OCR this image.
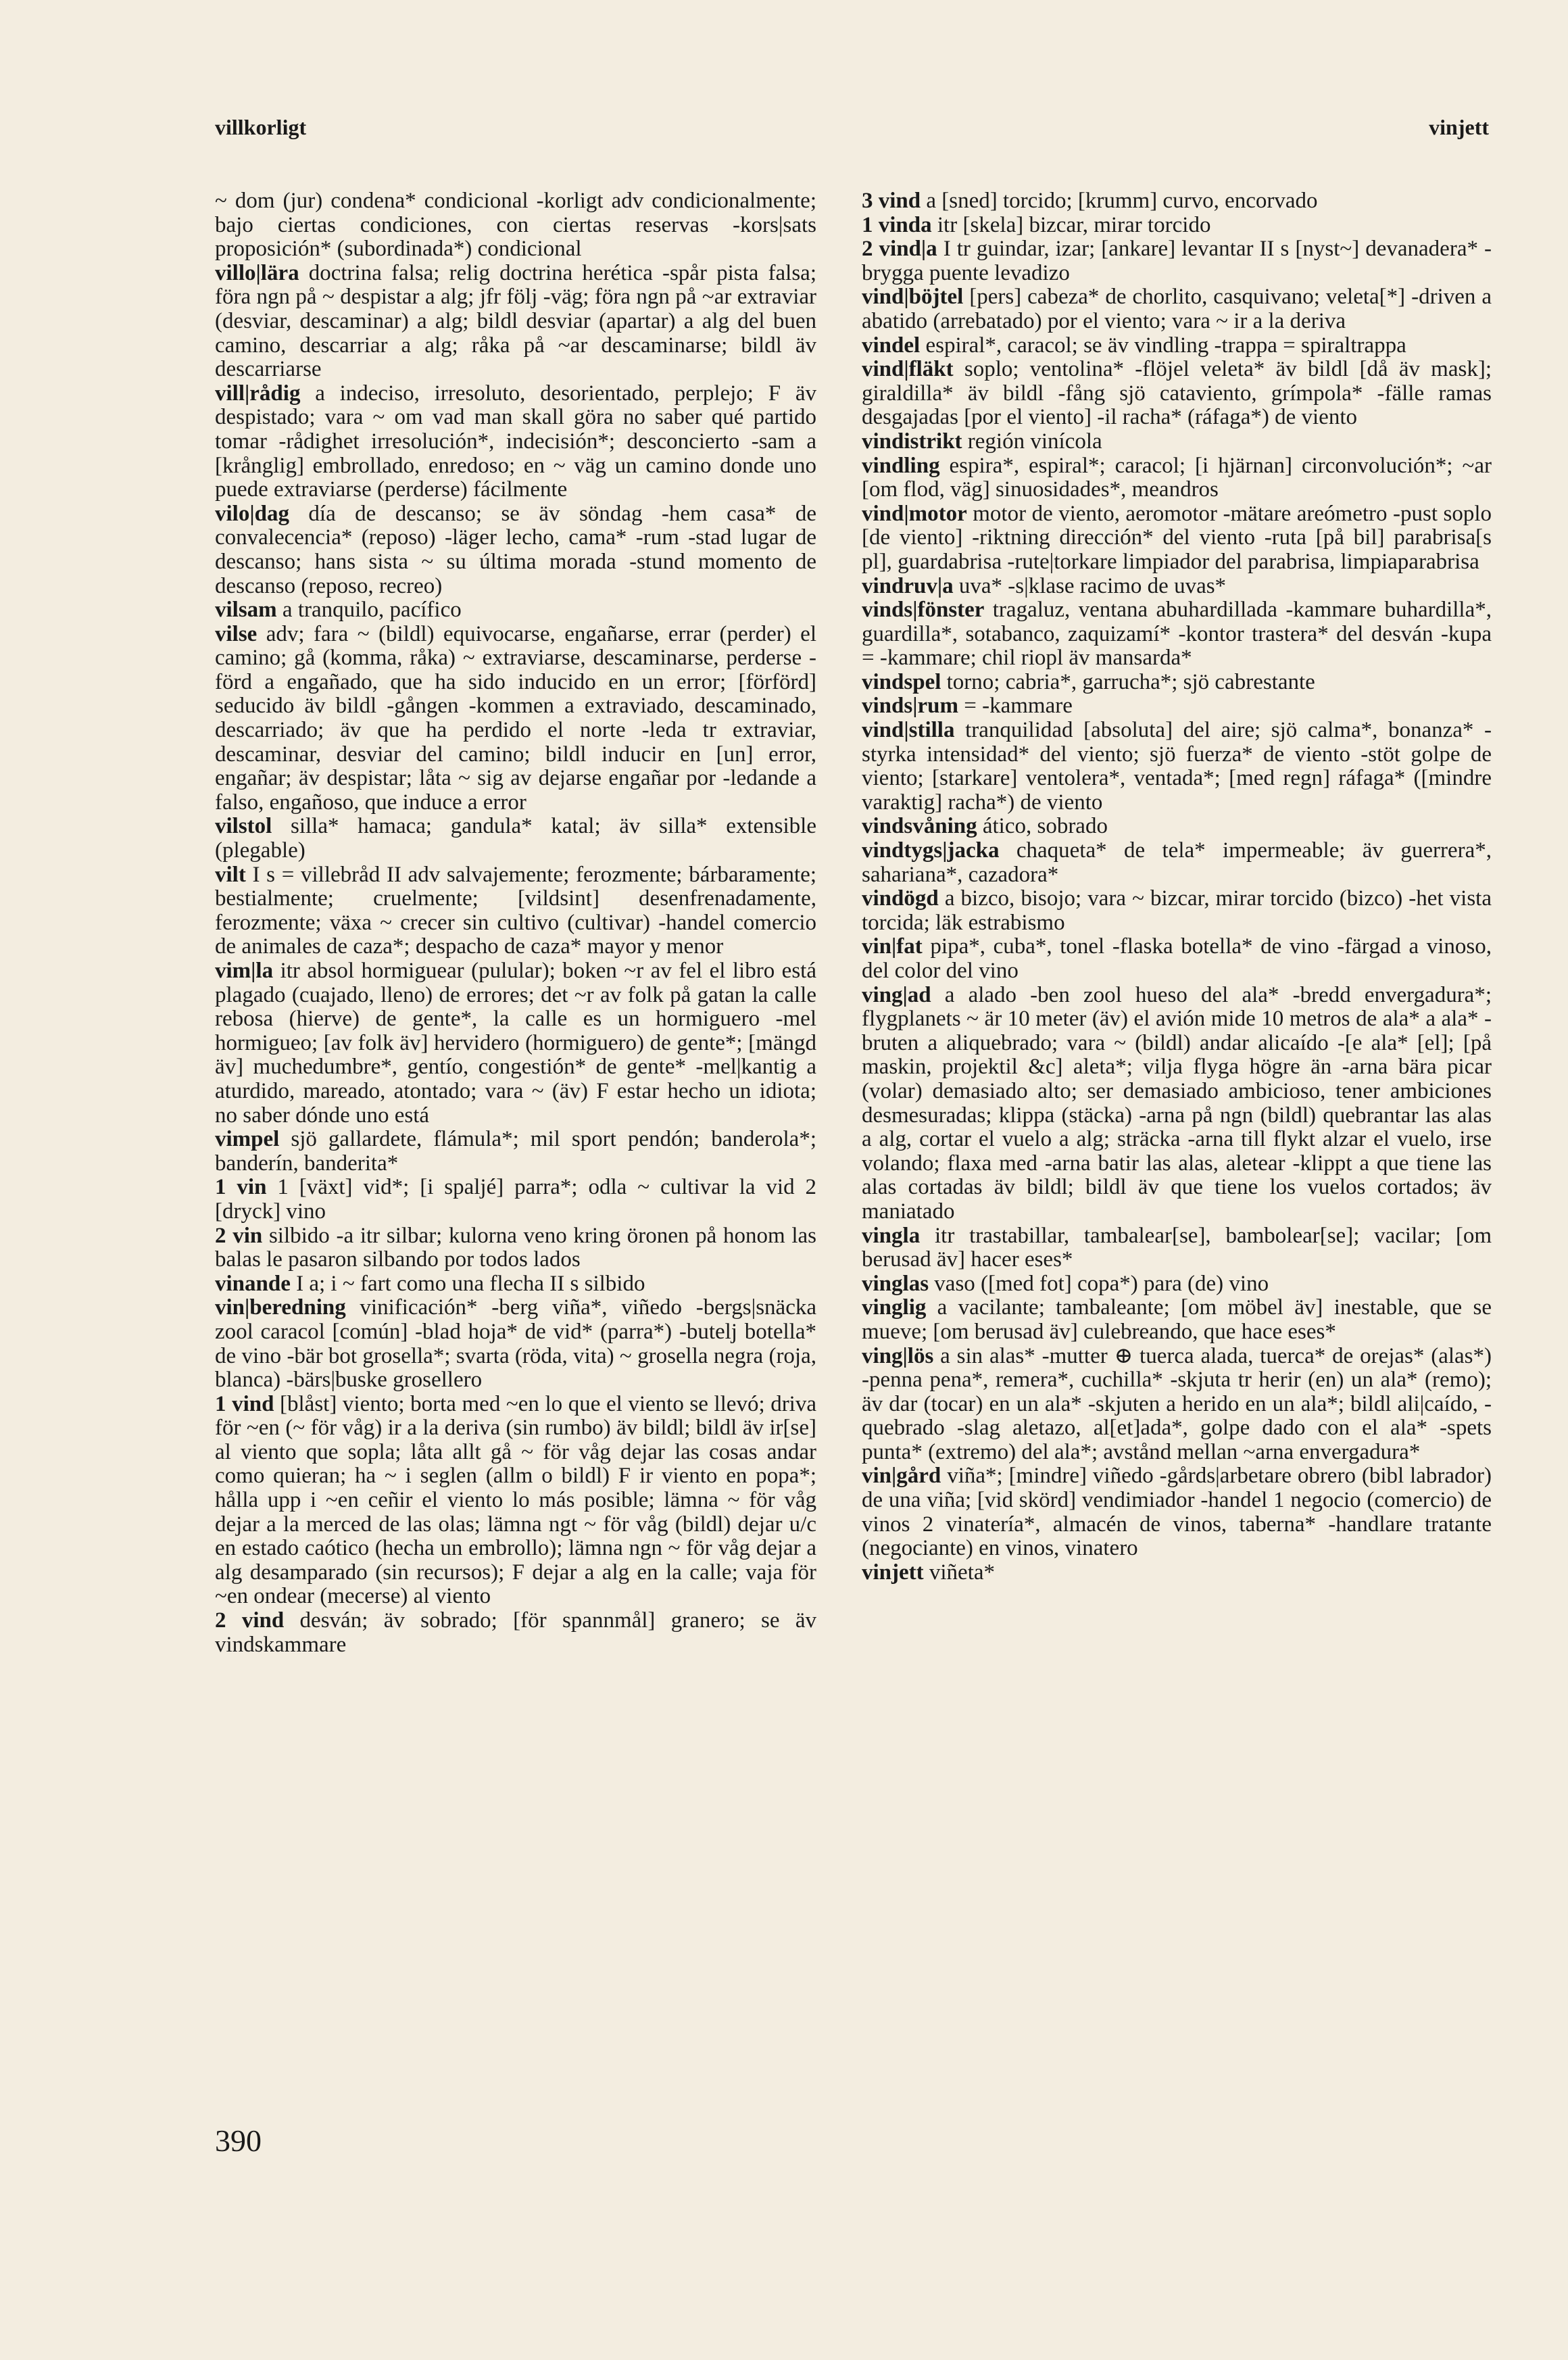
villkorligt	vinjett

~ dom (jur) condena* condicional -korligt adv condicionalmente; bajo ciertas condiciones, con ciertas reservas -kors|sats proposición* (subordinada*) condicional

villo|lära doctrina falsa; relig doctrina herética -spår pista falsa; föra ngn på ~ despistar a alg; jfr följ -väg; föra ngn på ~ar extraviar (desviar, descaminar) a alg; bildl desviar (apartar) a alg del buen camino, descarriar a alg; råka på ~ar descaminarse; bildl äv descarriarse

vill|rådig a indeciso, irresoluto, desorientado, perplejo; F äv despistado; vara ~ om vad man skall göra no saber qué partido tomar -rådighet irresolución*, indecisión*; desconcierto -sam a [krånglig] embrollado, enredoso; en ~ väg un camino donde uno puede extraviarse (perderse) fácilmente

vilo|dag día de descanso; se äv söndag -hem casa* de convalecencia* (reposo) -läger lecho, cama* -rum -stad lugar de descanso; hans sista ~ su última morada -stund momento de descanso (reposo, recreo)

vilsam a tranquilo, pacífico

vilse adv; fara ~ (bildl) equivocarse, engañarse, errar (perder) el camino; gå (komma, råka) ~ extraviarse, descaminarse, perderse -förd a engañado, que ha sido inducido en un error; [förförd] seducido äv bildl -gången -kommen a extraviado, descaminado, descarriado; äv que ha perdido el norte -leda tr extraviar, descaminar, desviar del camino; bildl inducir en [un] error, engañar; äv despistar; låta ~ sig av dejarse engañar por -ledande a falso, engañoso, que induce a error

vilstol silla* hamaca; gandula* katal; äv silla* extensible (plegable)

vilt I s = villebråd II adv salvajemente; ferozmente; bárbaramente; bestialmente; cruelmente; [vildsint] desenfrenadamente, ferozmente; växa ~ crecer sin cultivo (cultivar) -handel comercio de animales de caza*; despacho de caza* mayor y menor

vim|la itr absol hormiguear (pulular); boken ~r av fel el libro está plagado (cuajado, lleno) de errores; det ~r av folk på gatan la calle rebosa (hierve) de gente*, la calle es un hormiguero -mel hormigueo; [av folk äv] hervidero (hormiguero) de gente*; [mängd äv] muchedumbre*, gentío, congestión* de gente* -mel|kantig a aturdido, mareado, atontado; vara ~ (äv) F estar hecho un idiota; no saber dónde uno está

vimpel sjö gallardete, flámula*; mil sport pendón; banderola*; banderín, banderita*

1 vin 1 [växt] vid*; [i spaljé] parra*; odla ~ cultivar la vid 2 [dryck] vino

2 vin silbido -a itr silbar; kulorna veno kring öronen på honom las balas le pasaron silbando por todos lados

vinande I a; i ~ fart como una flecha II s silbido

vin|beredning vinificación* -berg viña*, viñedo -bergs|snäcka zool caracol [común] -blad hoja* de vid* (parra*) -butelj botella* de vino -bär bot grosella*; svarta (röda, vita) ~ grosella negra (roja, blanca) -bärs|buske grosellero

1 vind [blåst] viento; borta med ~en lo que el viento se llevó; driva för ~en (~ för våg) ir a la deriva (sin rumbo) äv bildl; bildl äv ir[se] al viento que sopla; låta allt gå ~ för våg dejar las cosas andar como quieran; ha ~ i seglen (allm o bildl) F ir viento en popa*; hålla upp i ~en ceñir el viento lo más posible; lämna ~ för våg dejar a la merced de las olas; lämna ngt ~ för våg (bildl) dejar u/c en estado caótico (hecha un embrollo); lämna ngn ~ för våg dejar a alg desamparado (sin recursos); F dejar a alg en la calle; vaja för ~en ondear (mecerse) al viento

2 vind desván; äv sobrado; [för spannmål] granero; se äv vindskammare

3 vind a [sned] torcido; [krumm] curvo, encorvado

1 vinda itr [skela] bizcar, mirar torcido

2 vind|a I tr guindar, izar; [ankare] levantar II s [nyst~] devanadera* -brygga puente levadizo

vind|böjtel [pers] cabeza* de chorlito, casquivano; veleta[*] -driven a abatido (arrebatado) por el viento; vara ~ ir a la deriva

vindel espiral*, caracol; se äv vindling -trappa = spiraltrappa

vind|fläkt soplo; ventolina* -flöjel veleta* äv bildl [då äv mask]; giraldilla* äv bildl -fång sjö cataviento, grímpola* -fälle ramas desgajadas [por el viento] -il racha* (ráfaga*) de viento

vindistrikt región vinícola

vindling espira*, espiral*; caracol; [i hjärnan] circonvolución*; ~ar [om flod, väg] sinuosidades*, meandros

vind|motor motor de viento, aeromotor -mätare areómetro -pust soplo [de viento] -riktning dirección* del viento -ruta [på bil] parabrisa[s pl], guardabrisa -rute|torkare limpiador del parabrisa, limpiaparabrisa

vindruv|a uva* -s|klase racimo de uvas*

vinds|fönster tragaluz, ventana abuhardillada -kammare buhardilla*, guardilla*, sotabanco, zaquizamí* -kontor trastera* del desván -kupa = -kammare; chil riopl äv mansarda*

vindspel torno; cabria*, garrucha*; sjö cabrestante

vinds|rum = -kammare

vind|stilla tranquilidad [absoluta] del aire; sjö calma*, bonanza* -styrka intensidad* del viento; sjö fuerza* de viento -stöt golpe de viento; [starkare] ventolera*, ventada*; [med regn] ráfaga* ([mindre varaktig] racha*) de viento

vindsvåning ático, sobrado

vindtygs|jacka chaqueta* de tela* impermeable; äv guerrera*, sahariana*, cazadora*

vindögd a bizco, bisojo; vara ~ bizcar, mirar torcido (bizco) -het vista torcida; läk estrabismo

vin|fat pipa*, cuba*, tonel -flaska botella* de vino -färgad a vinoso, del color del vino

ving|ad a alado -ben zool hueso del ala* -bredd envergadura*; flygplanets ~ är 10 meter (äv) el avión mide 10 metros de ala* a ala* -bruten a aliquebrado; vara ~ (bildl) andar alicaído -[e ala* [el]; [på maskin, projektil &c] aleta*; vilja flyga högre än -arna bära picar (volar) demasiado alto; ser demasiado ambicioso, tener ambiciones desmesuradas; klippa (stäcka) -arna på ngn (bildl) quebrantar las alas a alg, cortar el vuelo a alg; sträcka -arna till flykt alzar el vuelo, irse volando; flaxa med -arna batir las alas, aletear -klippt a que tiene las alas cortadas äv bildl; bildl äv que tiene los vuelos cortados; äv maniatado

vingla itr trastabillar, tambalear[se], bambolear[se]; vacilar; [om berusad äv] hacer eses*

vinglas vaso ([med fot] copa*) para (de) vino

vinglig a vacilante; tambaleante; [om möbel äv] inestable, que se mueve; [om berusad äv] culebreando, que hace eses*

ving|lös a sin alas* -mutter ⊕ tuerca alada, tuerca* de orejas* (alas*) -penna pena*, remera*, cuchilla* -skjuta tr herir (en) un ala* (remo); äv dar (tocar) en un ala* -skjuten a herido en un ala*; bildl ali|caído, -quebrado -slag aletazo, al[et]ada*, golpe dado con el ala* -spets punta* (extremo) del ala*; avstånd mellan ~arna envergadura*

vin|gård viña*; [mindre] viñedo -gårds|arbetare obrero (bibl labrador) de una viña; [vid skörd] vendimiador -handel 1 negocio (comercio) de vinos 2 vinatería*, almacén de vinos, taberna* -handlare tratante (negociante) en vinos, vinatero

vinjett viñeta*

390
